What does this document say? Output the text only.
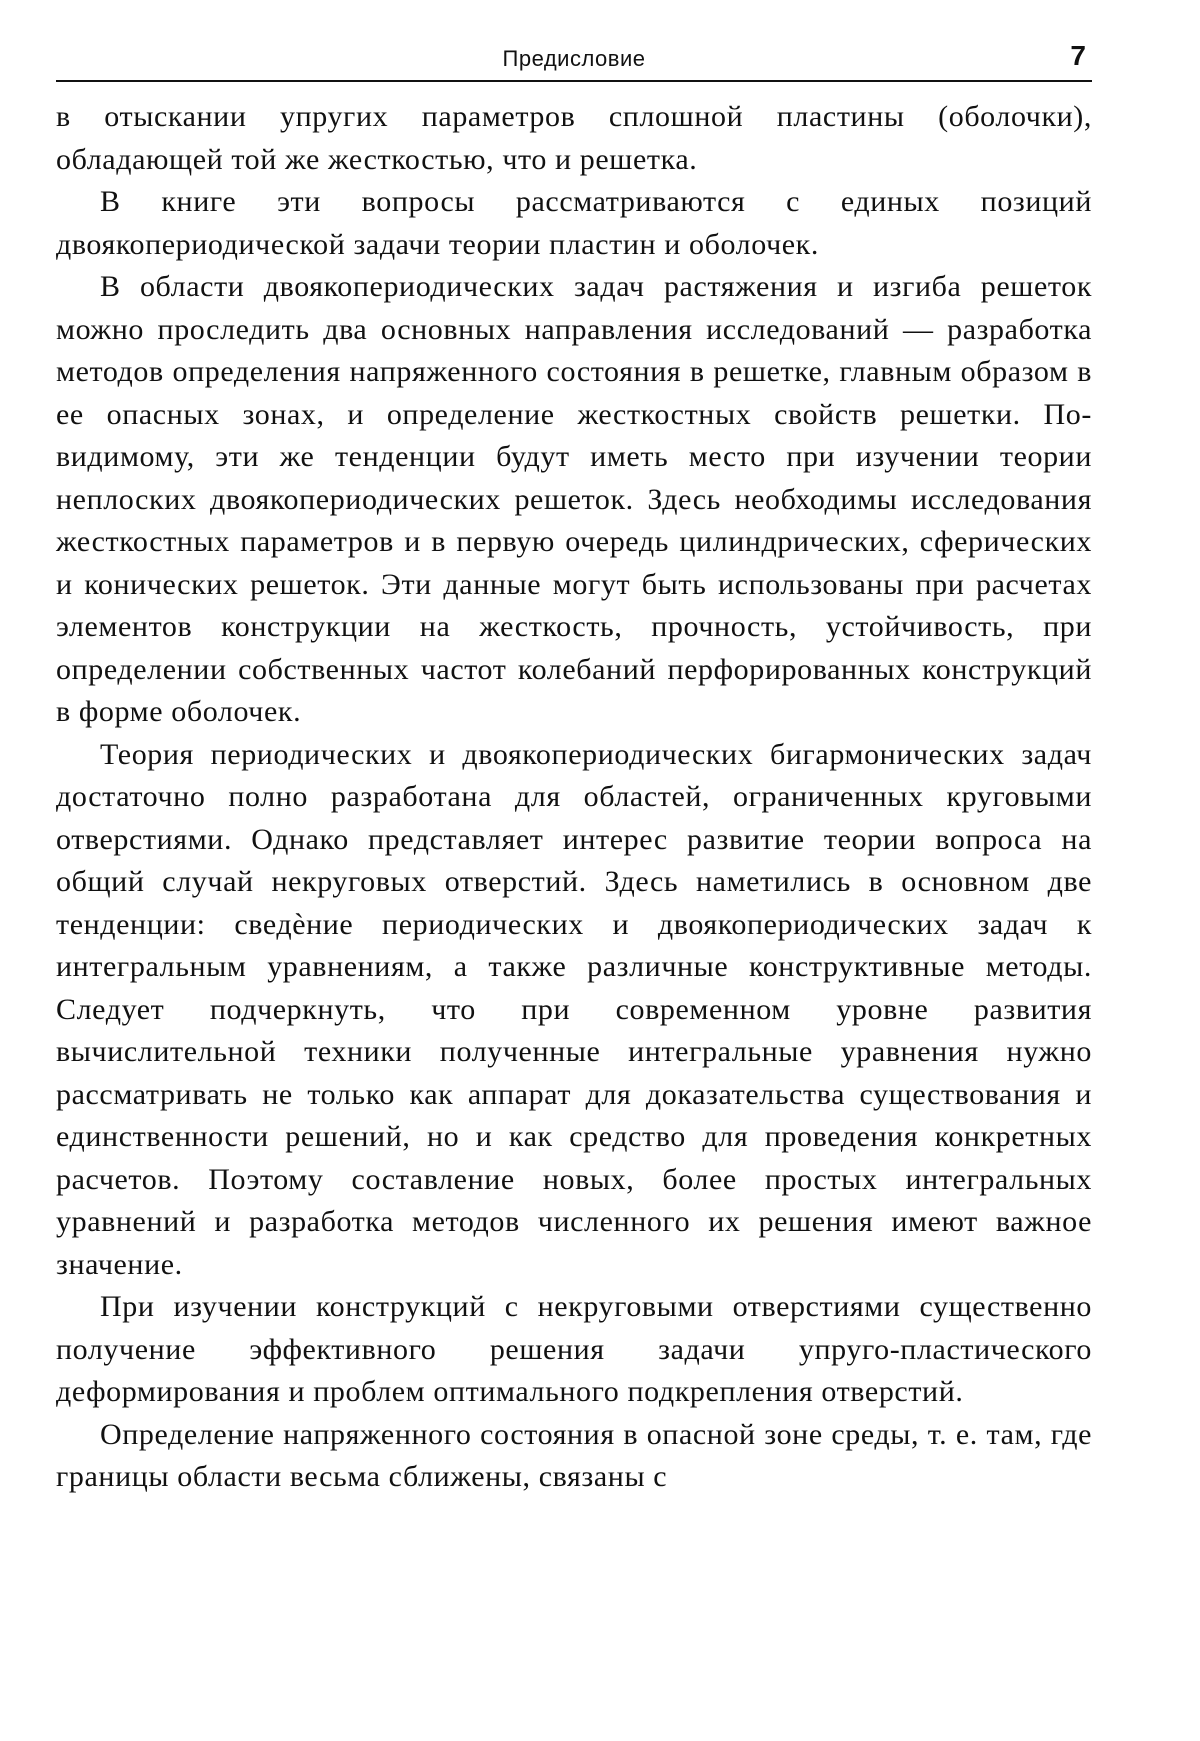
Предисловие	7

в отыскании упругих параметров сплошной пластины (оболочки), обладающей той же жесткостью, что и решетка.

В книге эти вопросы рассматриваются с единых позиций двоякопериодической задачи теории пластин и оболочек.

В области двоякопериодических задач растяжения и изгиба решеток можно проследить два основных направления исследований — разработка методов определения напряженного состояния в решетке, главным образом в ее опасных зонах, и определение жесткостных свойств решетки. По-видимому, эти же тенденции будут иметь место при изучении теории неплоских двоякопериодических решеток. Здесь необходимы исследования жесткостных параметров и в первую очередь цилиндрических, сферических и конических решеток. Эти данные могут быть использованы при расчетах элементов конструкции на жесткость, прочность, устойчивость, при определении собственных частот колебаний перфорированных конструкций в форме оболочек.

Теория периодических и двоякопериодических бигармонических задач достаточно полно разработана для областей, ограниченных круговыми отверстиями. Однако представляет интерес развитие теории вопроса на общий случай некруговых отверстий. Здесь наметились в основном две тенденции: сведѐние периодических и двоякопериодических задач к интегральным уравнениям, а также различные конструктивные методы. Следует подчеркнуть, что при современном уровне развития вычислительной техники полученные интегральные уравнения нужно рассматривать не только как аппарат для доказательства существования и единственности решений, но и как средство для проведения конкретных расчетов. Поэтому составление новых, более простых интегральных уравнений и разработка методов численного их решения имеют важное значение.

При изучении конструкций с некруговыми отверстиями существенно получение эффективного решения задачи упруго-пластического деформирования и проблем оптимального подкрепления отверстий.

Определение напряженного состояния в опасной зоне среды, т. е. там, где границы области весьма сближены, связаны с
